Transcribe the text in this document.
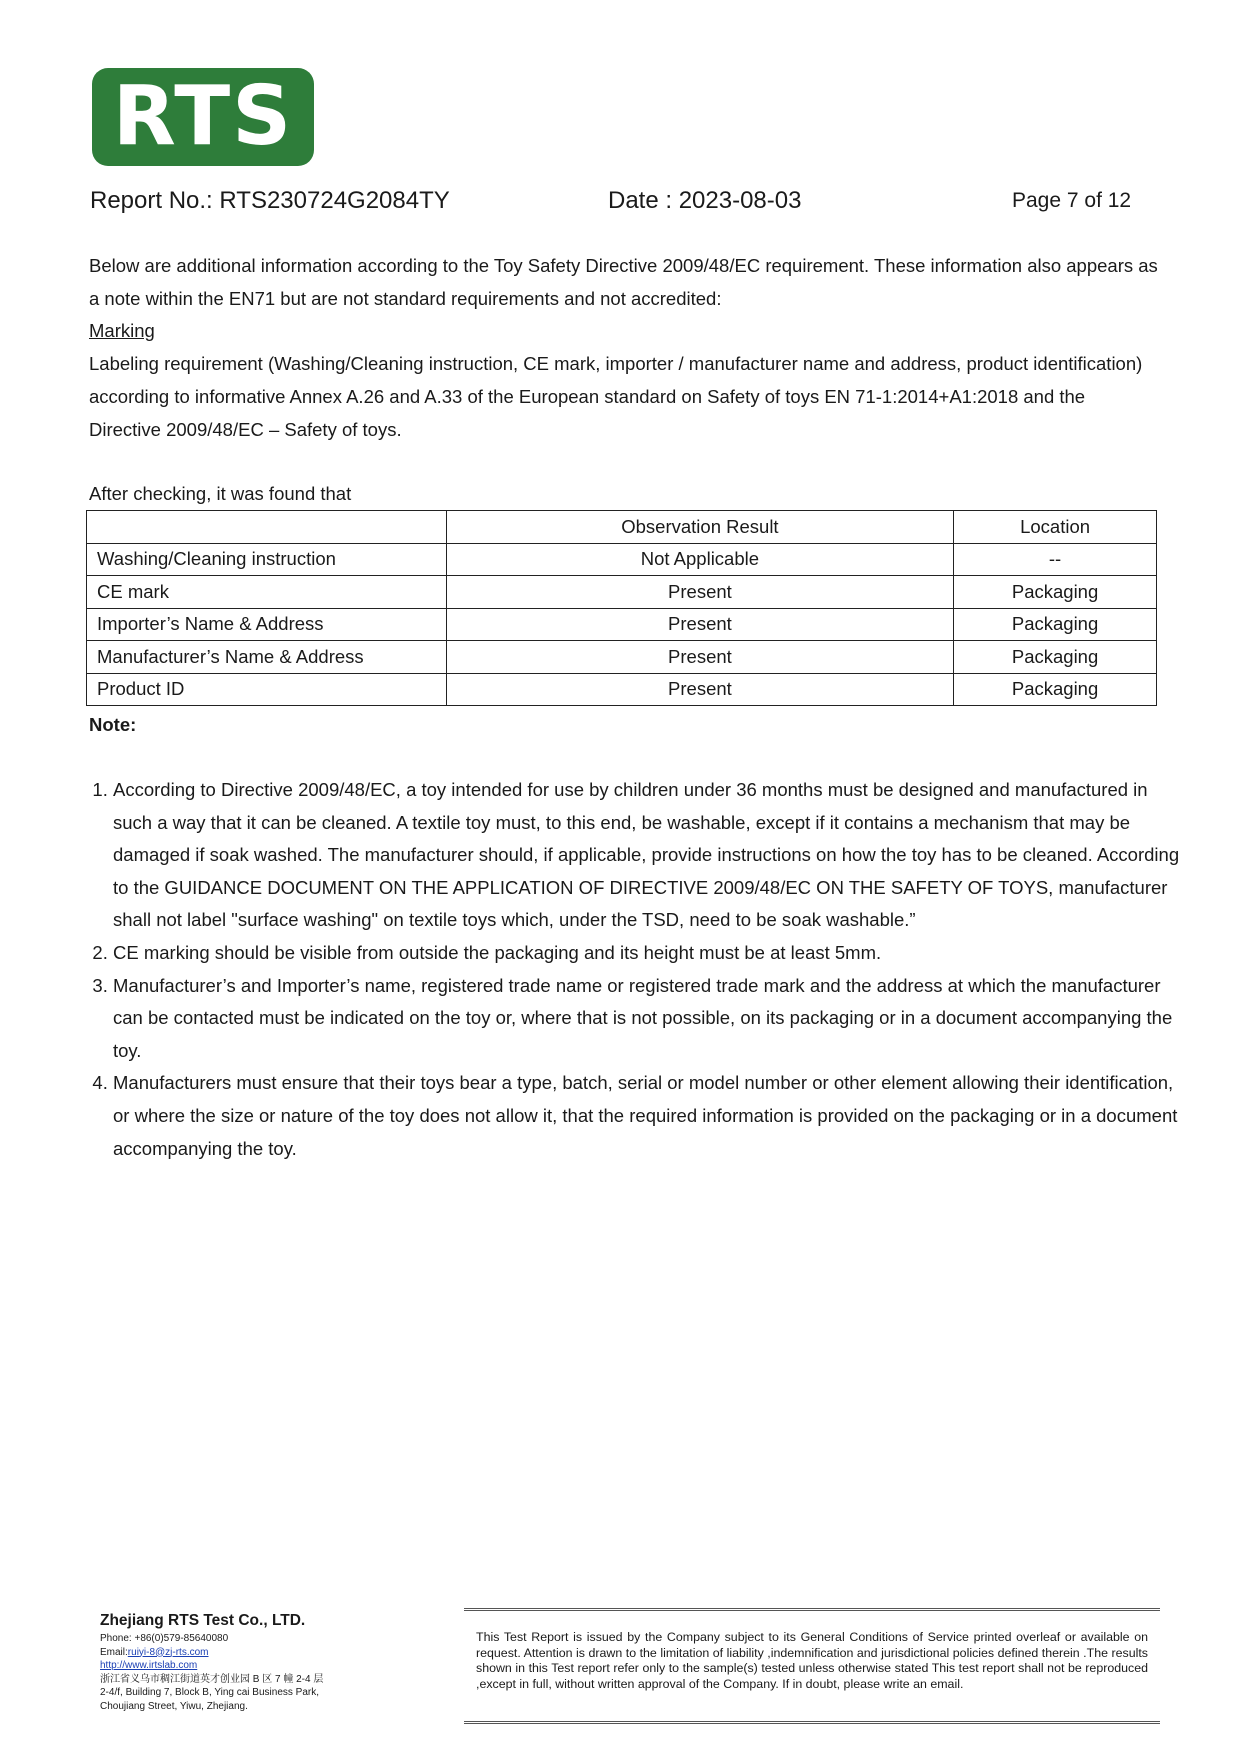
RTS
Report No.: RTS230724G2084TY	Date : 2023-08-03	Page 7 of 12

Below are additional information according to the Toy Safety Directive 2009/48/EC requirement. These information also appears as a note within the EN71 but are not standard requirements and not accredited:

Marking

Labeling requirement (Washing/Cleaning instruction, CE mark, importer / manufacturer name and address, product identification) according to informative Annex A.26 and A.33 of the European standard on Safety of toys EN 71-1:2014+A1:2018 and the Directive 2009/48/EC – Safety of toys.

After checking, it was found that
	Observation Result	Location
Washing/Cleaning instruction	Not Applicable	--
CE mark	Present	Packaging
Importer’s Name & Address	Present	Packaging
Manufacturer’s Name & Address	Present	Packaging
Product ID	Present	Packaging
Note:
1. According to Directive 2009/48/EC, a toy intended for use by children under 36 months must be designed and manufactured in such a way that it can be cleaned. A textile toy must, to this end, be washable, except if it contains a mechanism that may be damaged if soak washed. The manufacturer should, if applicable, provide instructions on how the toy has to be cleaned. According to the GUIDANCE DOCUMENT ON THE APPLICATION OF DIRECTIVE 2009/48/EC ON THE SAFETY OF TOYS, manufacturer shall not label "surface washing" on textile toys which, under the TSD, need to be soak washable.”
2. CE marking should be visible from outside the packaging and its height must be at least 5mm.
3. Manufacturer’s and Importer’s name, registered trade name or registered trade mark and the address at which the manufacturer can be contacted must be indicated on the toy or, where that is not possible, on its packaging or in a document accompanying the toy.
4. Manufacturers must ensure that their toys bear a type, batch, serial or model number or other element allowing their identification, or where the size or nature of the toy does not allow it, that the required information is provided on the packaging or in a document accompanying the toy.
Zhejiang RTS Test Co., LTD.
Phone: +86(0)579-85640080
Email:ruiyi-8@zj-rts.com
http://www.irtslab.com
浙江省义乌市稠江街道英才创业园 B 区 7 幢 2-4 层
2-4/f, Building 7, Block B, Ying cai Business Park,
Choujiang Street, Yiwu, Zhejiang.
This Test Report is issued by the Company subject to its General Conditions of Service printed overleaf or available on request. Attention is drawn to the limitation of liability ,indemnification and jurisdictional policies defined therein .The results shown in this Test report refer only to the sample(s) tested unless otherwise stated This test report shall not be reproduced ,except in full, without written approval of the Company. If in doubt, please write an email.
